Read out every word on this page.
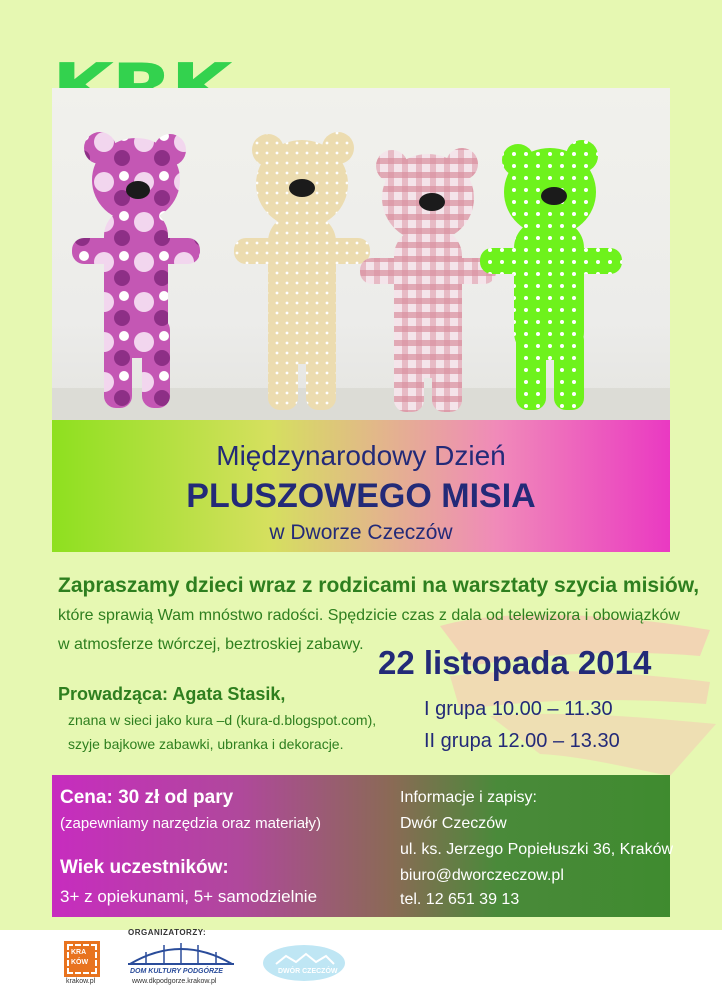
Międzynarodowy Dzień
PLUSZOWEGO MISIA
w Dworze Czeczów
Zapraszamy dzieci wraz z rodzicami na warsztaty szycia misiów,
które sprawią Wam mnóstwo radości. Spędzicie czas z dala od telewizora i obowiązków
w atmosferze twórczej, beztroskiej zabawy. 22 listopada 2014
I grupa 10.00 – 11.30
II grupa 12.00 – 13.30
Prowadząca: Agata Stasik,
znana w sieci jako kura –d (kura-d.blogspot.com),
szyje bajkowe zabawki, ubranka i dekoracje.
Cena: 30 zł od pary
(zapewniamy narzędzia oraz materiały)
Wiek uczestników:
3+ z opiekunami, 5+ samodzielnie
Informacje i zapisy:
Dwór Czeczów
ul. ks. Jerzego Popiełuszki 36, Kraków
biuro@dworczeczow.pl
tel. 12 651 39 13
ORGANIZATORZY:
KRA
KÓW
krakow.pl
DOM KULTURY PODGÓRZE
www.dkpodgorze.krakow.pl
DWÓR CZECZÓW
